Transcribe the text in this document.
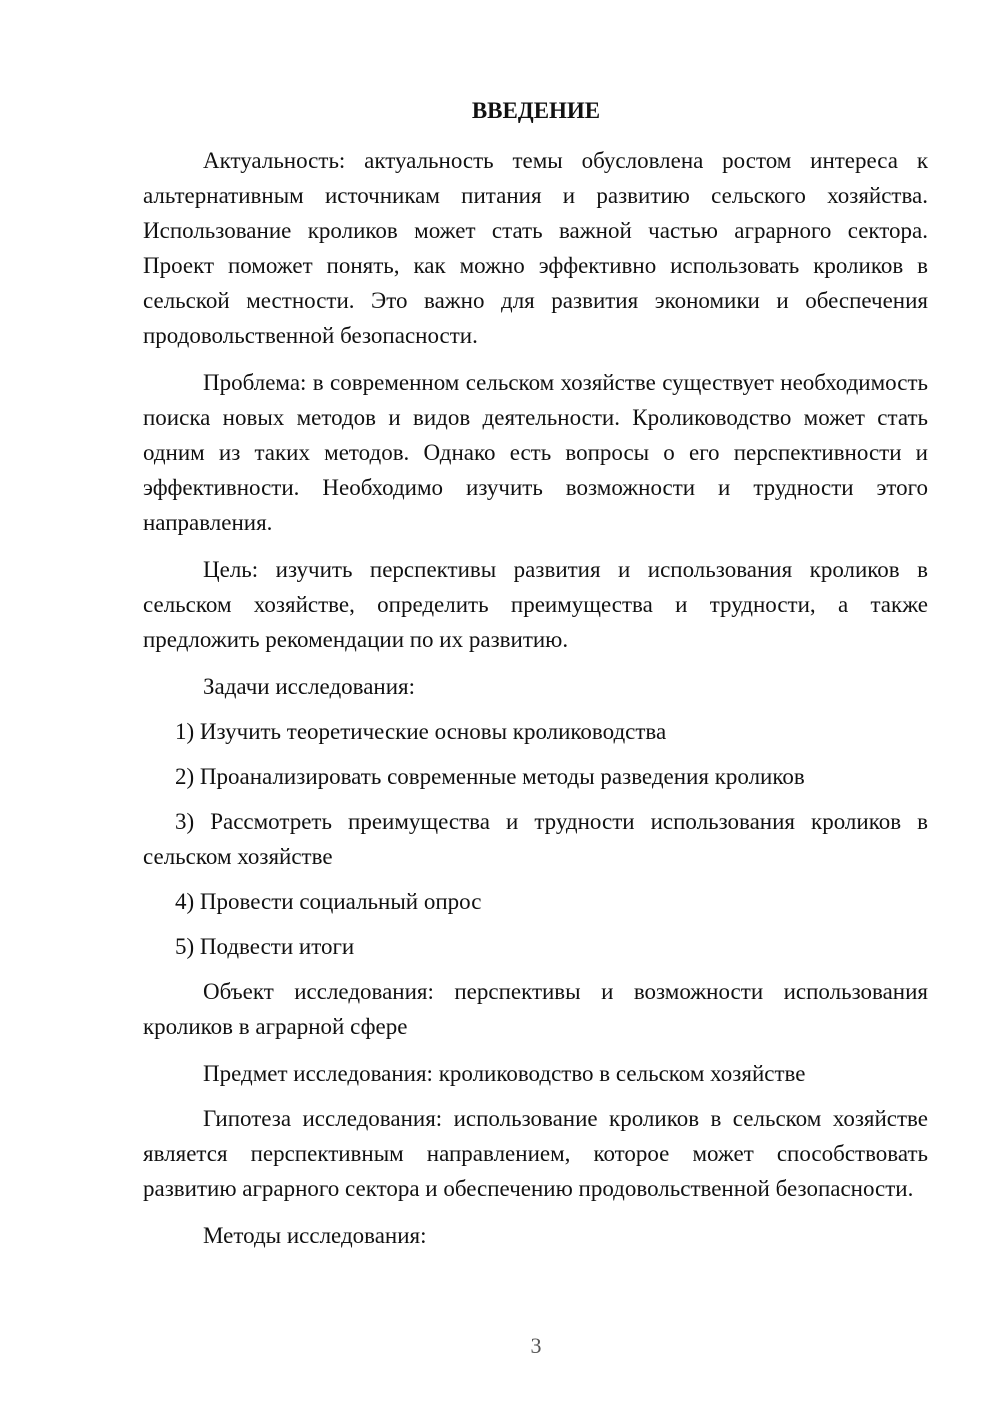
ВВЕДЕНИЕ

Актуальность: актуальность темы обусловлена ростом интереса к альтернативным источникам питания и развитию сельского хозяйства. Использование кроликов может стать важной частью аграрного сектора. Проект поможет понять, как можно эффективно использовать кроликов в сельской местности. Это важно для развития экономики и обеспечения продовольственной безопасности.

Проблема: в современном сельском хозяйстве существует необходимость поиска новых методов и видов деятельности. Кролиководство может стать одним из таких методов. Однако есть вопросы о его перспективности и эффективности. Необходимо изучить возможности и трудности этого направления.

Цель: изучить перспективы развития и использования кроликов в сельском хозяйстве, определить преимущества и трудности, а также предложить рекомендации по их развитию.

Задачи исследования:

1) Изучить теоретические основы кролиководства

2) Проанализировать современные методы разведения кроликов

3) Рассмотреть преимущества и трудности использования кроликов в сельском хозяйстве

4) Провести социальный опрос

5) Подвести итоги

Объект исследования: перспективы и возможности использования кроликов в аграрной сфере

Предмет исследования: кролиководство в сельском хозяйстве

Гипотеза исследования: использование кроликов в сельском хозяйстве является перспективным направлением, которое может способствовать развитию аграрного сектора и обеспечению продовольственной безопасности.

Методы исследования:

3
